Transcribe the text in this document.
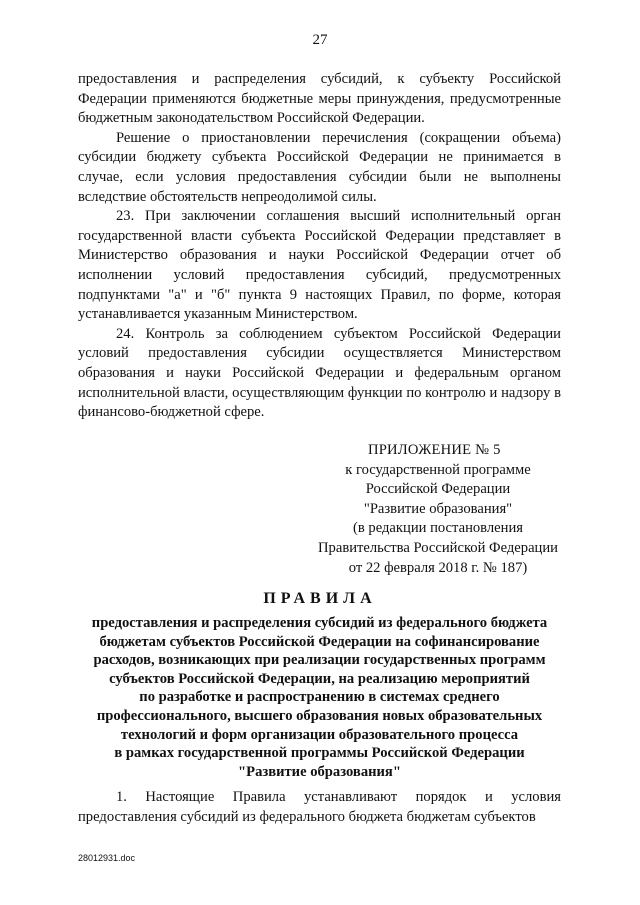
27

предоставления и распределения субсидий, к субъекту Российской Федерации применяются бюджетные меры принуждения, предусмотренные бюджетным законодательством Российской Федерации.

Решение о приостановлении перечисления (сокращении объема) субсидии бюджету субъекта Российской Федерации не принимается в случае, если условия предоставления субсидии были не выполнены вследствие обстоятельств непреодолимой силы.

23. При заключении соглашения высший исполнительный орган государственной власти субъекта Российской Федерации представляет в Министерство образования и науки Российской Федерации отчет об исполнении условий предоставления субсидий, предусмотренных подпунктами "а" и "б" пункта 9 настоящих Правил, по форме, которая устанавливается указанным Министерством.

24. Контроль за соблюдением субъектом Российской Федерации условий предоставления субсидии осуществляется Министерством образования и науки Российской Федерации и федеральным органом исполнительной власти, осуществляющим функции по контролю и надзору в финансово-бюджетной сфере.

ПРИЛОЖЕНИЕ № 5
к государственной программе
Российской Федерации
"Развитие образования"
(в редакции постановления
Правительства Российской Федерации
от 22 февраля 2018 г. № 187)
ПРАВИЛА
предоставления и распределения субсидий из федерального бюджета
бюджетам субъектов Российской Федерации на софинансирование
расходов, возникающих при реализации государственных программ
субъектов Российской Федерации, на реализацию мероприятий
по разработке и распространению в системах среднего
профессионального, высшего образования новых образовательных
технологий и форм организации образовательного процесса
в рамках государственной программы Российской Федерации
"Развитие образования"

1. Настоящие Правила устанавливают порядок и условия предоставления субсидий из федерального бюджета бюджетам субъектов

28012931.doc
